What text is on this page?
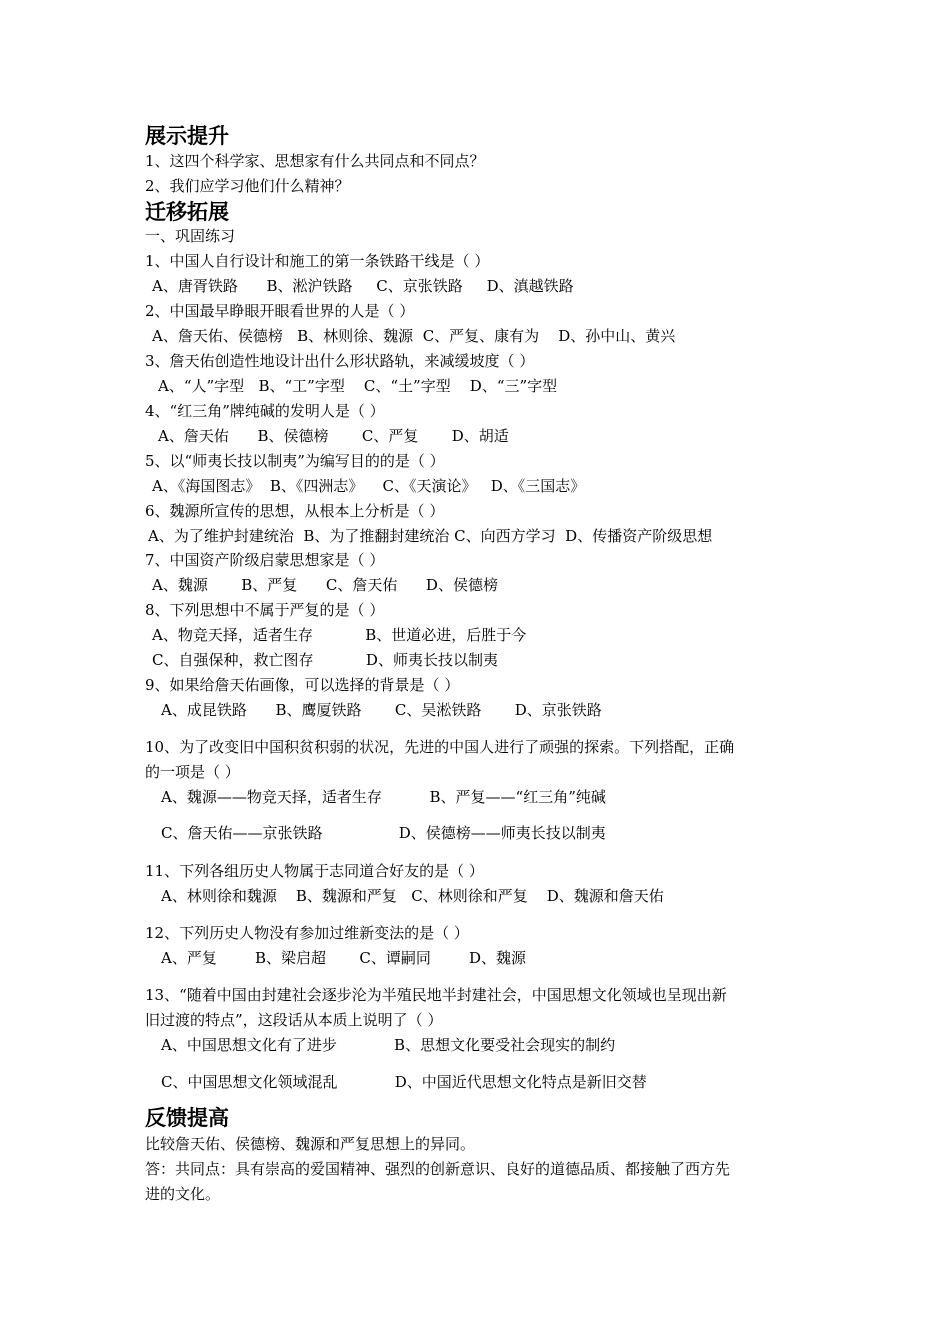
展示提升
1、这四个科学家、思想家有什么共同点和不同点？
2、我们应学习他们什么精神？
迁移拓展
一、巩固练习
1、中国人自行设计和施工的第一条铁路干线是（ ）
A、唐胥铁路      B、淞沪铁路     C、京张铁路     D、滇越铁路
2、中国最早睁眼开眼看世界的人是（ ）
A、詹天佑、侯德榜   B、林则徐、魏源  C、严复、康有为    D、孙中山、黄兴
3、詹天佑创造性地设计出什么形状路轨，来减缓坡度（ ）
A、“人”字型   B、“工”字型    C、“土”字型    D、“三”字型
4、“红三角”牌纯碱的发明人是（ ）
A、詹天佑      B、侯德榜       C、严复       D、胡适
5、以“师夷长技以制夷”为编写目的的是（ ）
A、《海国图志》  B、《四洲志》    C、《天演论》   D、《三国志》
6、魏源所宣传的思想，从根本上分析是（ ）
A、为了维护封建统治  B、为了推翻封建统治 C、向西方学习  D、传播资产阶级思想
7、中国资产阶级启蒙思想家是（ ）
A、魏源       B、严复      C、詹天佑      D、侯德榜
8、下列思想中不属于严复的是（ ）
A、物竞天择，适者生存           B、世道必进，后胜于今
C、自强保种，救亡图存           D、师夷长技以制夷
9、如果给詹天佑画像，可以选择的背景是（ ）
A、成昆铁路      B、鹰厦铁路       C、吴淞铁路       D、京张铁路
10、为了改变旧中国积贫积弱的状况，先进的中国人进行了顽强的探索。下列搭配，正确
的一项是（ ）
A、魏源——物竞天择，适者生存          B、严复——“红三角”纯碱
C、詹天佑——京张铁路                D、侯德榜——师夷长技以制夷
11、下列各组历史人物属于志同道合好友的是（ ）
A、林则徐和魏源    B、魏源和严复   C、林则徐和严复    D、魏源和詹天佑
12、下列历史人物没有参加过维新变法的是（ ）
A、严复        B、梁启超       C、谭嗣同        D、魏源
13、“随着中国由封建社会逐步沦为半殖民地半封建社会，中国思想文化领域也呈现出新
旧过渡的特点”，这段话从本质上说明了（ ）
A、中国思想文化有了进步            B、思想文化要受社会现实的制约
C、中国思想文化领域混乱            D、中国近代思想文化特点是新旧交替
反馈提高
比较詹天佑、侯德榜、魏源和严复思想上的异同。
答：共同点：具有崇高的爱国精神、强烈的创新意识、良好的道德品质、都接触了西方先
进的文化。
